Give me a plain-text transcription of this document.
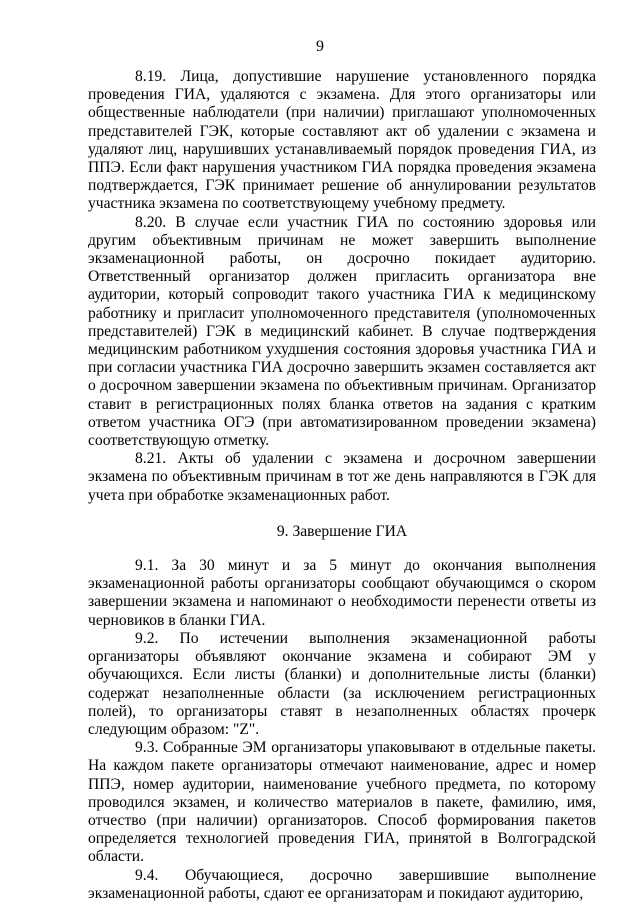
9

8.19. Лица, допустившие нарушение установленного порядка проведения ГИА, удаляются с экзамена. Для этого организаторы или общественные наблюдатели (при наличии) приглашают уполномоченных представителей ГЭК, которые составляют акт об удалении с экзамена и удаляют лиц, нарушивших устанавливаемый порядок проведения ГИА, из ППЭ. Если факт нарушения участником ГИА порядка проведения экзамена подтверждается, ГЭК принимает решение об аннулировании результатов участника экзамена по соответствующему учебному предмету.

8.20. В случае если участник ГИА по состоянию здоровья или другим объективным причинам не может завершить выполнение экзаменационной работы, он досрочно покидает аудиторию. Ответственный организатор должен пригласить организатора вне аудитории, который сопроводит такого участника ГИА к медицинскому работнику и пригласит уполномоченного представителя (уполномоченных представителей) ГЭК в медицинский кабинет. В случае подтверждения медицинским работником ухудшения состояния здоровья участника ГИА и при согласии участника ГИА досрочно завершить экзамен составляется акт о досрочном завершении экзамена по объективным причинам. Организатор ставит в регистрационных полях бланка ответов на задания с кратким ответом участника ОГЭ (при автоматизированном проведении экзамена) соответствующую отметку.

8.21. Акты об удалении с экзамена и досрочном завершении экзамена по объективным причинам в тот же день направляются в ГЭК для учета при обработке экзаменационных работ.

9. Завершение ГИА

9.1. За 30 минут и за 5 минут до окончания выполнения экзаменационной работы организаторы сообщают обучающимся о скором завершении экзамена и напоминают о необходимости перенести ответы из черновиков в бланки ГИА.

9.2. По истечении выполнения экзаменационной работы организаторы объявляют окончание экзамена и собирают ЭМ у обучающихся. Если листы (бланки) и дополнительные листы (бланки) содержат незаполненные области (за исключением регистрационных полей), то организаторы ставят в незаполненных областях прочерк следующим образом: "Z".

9.3. Собранные ЭМ организаторы упаковывают в отдельные пакеты. На каждом пакете организаторы отмечают наименование, адрес и номер ППЭ, номер аудитории, наименование учебного предмета, по которому проводился экзамен, и количество материалов в пакете, фамилию, имя, отчество (при наличии) организаторов. Способ формирования пакетов определяется технологией проведения ГИА, принятой в Волгоградской области.

9.4. Обучающиеся, досрочно завершившие выполнение экзаменационной работы, сдают ее организаторам и покидают аудиторию,
